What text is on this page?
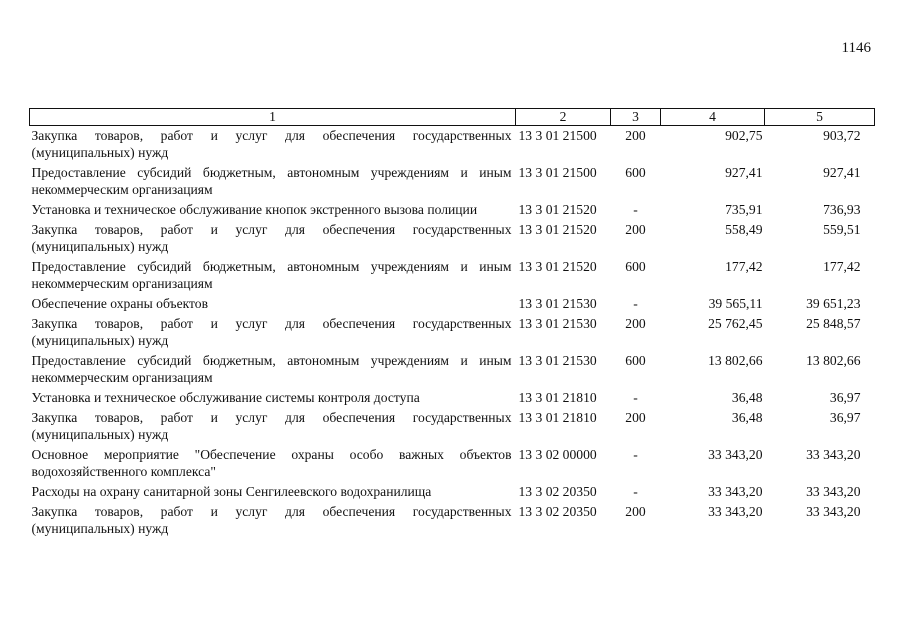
1146
1	2	3	4	5
Закупка товаров, работ и услуг для обеспечения государственных (муниципальных) нужд	13 3 01 21500	200	902,75	903,72
Предоставление субсидий бюджетным, автономным учреждениям и иным некоммерческим организациям	13 3 01 21500	600	927,41	927,41
Установка и техническое обслуживание кнопок экстренного вызова полиции	13 3 01 21520	-	735,91	736,93
Закупка товаров, работ и услуг для обеспечения государственных (муниципальных) нужд	13 3 01 21520	200	558,49	559,51
Предоставление субсидий бюджетным, автономным учреждениям и иным некоммерческим организациям	13 3 01 21520	600	177,42	177,42
Обеспечение охраны объектов	13 3 01 21530	-	39 565,11	39 651,23
Закупка товаров, работ и услуг для обеспечения государственных (муниципальных) нужд	13 3 01 21530	200	25 762,45	25 848,57
Предоставление субсидий бюджетным, автономным учреждениям и иным некоммерческим организациям	13 3 01 21530	600	13 802,66	13 802,66
Установка и техническое обслуживание системы контроля доступа	13 3 01 21810	-	36,48	36,97
Закупка товаров, работ и услуг для обеспечения государственных (муниципальных) нужд	13 3 01 21810	200	36,48	36,97
Основное мероприятие "Обеспечение охраны особо важных объектов водохозяйственного комплекса"	13 3 02 00000	-	33 343,20	33 343,20
Расходы на охрану санитарной зоны Сенгилеевского водохранилища	13 3 02 20350	-	33 343,20	33 343,20
Закупка товаров, работ и услуг для обеспечения государственных (муниципальных) нужд	13 3 02 20350	200	33 343,20	33 343,20
